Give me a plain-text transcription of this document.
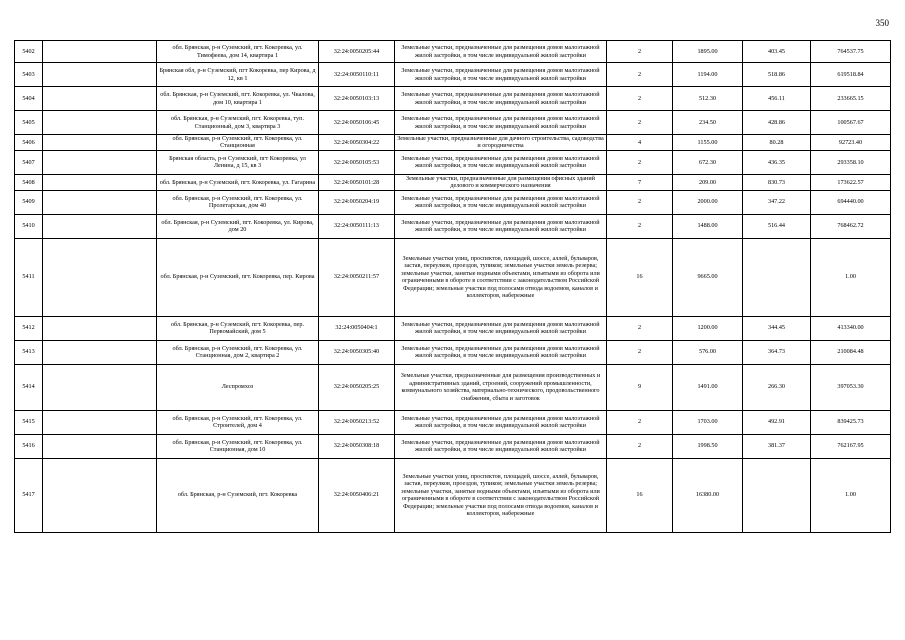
350
5402		обл. Брянская, р-н Суземский, пгт. Кокоревка, ул. Тимофеева, дом 14, квартира 1	32:24:0050205:44	Земельные участки, предназначенные для размещения домов малоэтажной жилой застройки, в том числе индивидуальной жилой застройки	2	1895.00	403.45	764537.75
5403		Брянская обл, р-н Суземский, пгт Кокоревка, пер Кирова, д 12, кв 1	32:24:0050110:11	Земельные участки, предназначенные для размещения домов малоэтажной жилой застройки, в том числе индивидуальной жилой застройки	2	1194.00	518.86	619518.84
5404		обл. Брянская, р-н Суземский, пгт. Кокоревка, ул. Чкалова, дом 10, квартира 1	32:24:0050103:13	Земельные участки, предназначенные для размещения домов малоэтажной жилой застройки, в том числе индивидуальной жилой застройки	2	512.30	456.11	233665.15
5405		обл. Брянская, р-н Суземский, пгт. Кокоревка, туп. Станционный, дом 3, квартира 3	32:24:0050106:45	Земельные участки, предназначенные для размещения домов малоэтажной жилой застройки, в том числе индивидуальной жилой застройки	2	234.50	428.86	100567.67
5406		обл. Брянская, р-н Суземский, пгт. Кокоревка, ул. Станционная	32:24:0050304:22	Земельные участки, предназначенные для дачного строительства, садоводства и огородничества	4	1155.00	80.28	92723.40
5407		Брянская область, р-н Суземский, пгт Кокоревка, ул Ленина, д 15, кв 3	32:24:0050105:53	Земельные участки, предназначенные для размещения домов малоэтажной жилой застройки, в том числе индивидуальной жилой застройки	2	672.30	436.35	293358.10
5408		обл. Брянская, р-н Суземский, пгт. Кокоревка, ул. Гагарина	32:24:0050101:28	Земельные участки, предназначенные для размещения офисных зданий делового и коммерческого назначения	7	209.00	830.73	173622.57
5409		обл. Брянская, р-н Суземский, пгт. Кокоревка, ул. Пролетарская, дом 40	32:24:0050204:19	Земельные участки, предназначенные для размещения домов малоэтажной жилой застройки, в том числе индивидуальной жилой застройки	2	2000.00	347.22	694440.00
5410		обл. Брянская, р-н Суземский, пгт. Кокоревка, ул. Кирова, дом 20	32:24:0050111:13	Земельные участки, предназначенные для размещения домов малоэтажной жилой застройки, в том числе индивидуальной жилой застройки	2	1488.00	516.44	768462.72
5411		обл. Брянская, р-н Суземский, пгт. Кокоревка, пер. Кирова	32:24:0050211:57	Земельные участки улиц, проспектов, площадей, шоссе, аллей, бульваров, застав, переулков, проездов, тупиков; земельные участки земель резерва; земельные участки, занятые водными объектами, изъятыми из оборота или ограниченными в обороте в соответствии с законодательством Российской Федерации; земельные участки под полосами отвода водоемов, каналов и коллекторов, набережные	16	9665.00		1.00
5412		обл. Брянская, р-н Суземский, пгт. Кокоревка, пер. Первомайский, дом 5	32:24:0050404:1	Земельные участки, предназначенные для размещения домов малоэтажной жилой застройки, в том числе индивидуальной жилой застройки	2	1200.00	344.45	413340.00
5413		обл. Брянская, р-н Суземский, пгт. Кокоревка, ул. Станционная, дом 2, квартира 2	32:24:0050305:40	Земельные участки, предназначенные для размещения домов малоэтажной жилой застройки, в том числе индивидуальной жилой застройки	2	576.00	364.73	210084.48
5414		Леспромхоз	32:24:0050205:25	Земельные участки, предназначенные для размещения производственных и административных зданий, строений, сооружений промышленности, коммунального хозяйства, материально-технического, продовольственного снабжения, сбыта и заготовок	9	1491.00	266.30	397053.30
5415		обл. Брянская, р-н Суземский, пгт. Кокоревка, ул. Строителей, дом 4	32:24:0050213:52	Земельные участки, предназначенные для размещения домов малоэтажной жилой застройки, в том числе индивидуальной жилой застройки	2	1703.00	492.91	839425.73
5416		обл. Брянская, р-н Суземский, пгт. Кокоревка, ул. Станционная, дом 10	32:24:0050308:18	Земельные участки, предназначенные для размещения домов малоэтажной жилой застройки, в том числе индивидуальной жилой застройки	2	1998.50	381.37	762167.95
5417		обл. Брянская, р-н Суземский, пгт. Кокоревка	32:24:0050406:21	Земельные участки улиц, проспектов, площадей, шоссе, аллей, бульваров, застав, переулков, проездов, тупиков; земельные участки земель резерва; земельные участки, занятые водными объектами, изъятыми из оборота или ограниченными в обороте в соответствии с законодательством Российской Федерации; земельные участки под полосами отвода водоемов, каналов и коллекторов, набережные	16	16380.00		1.00
